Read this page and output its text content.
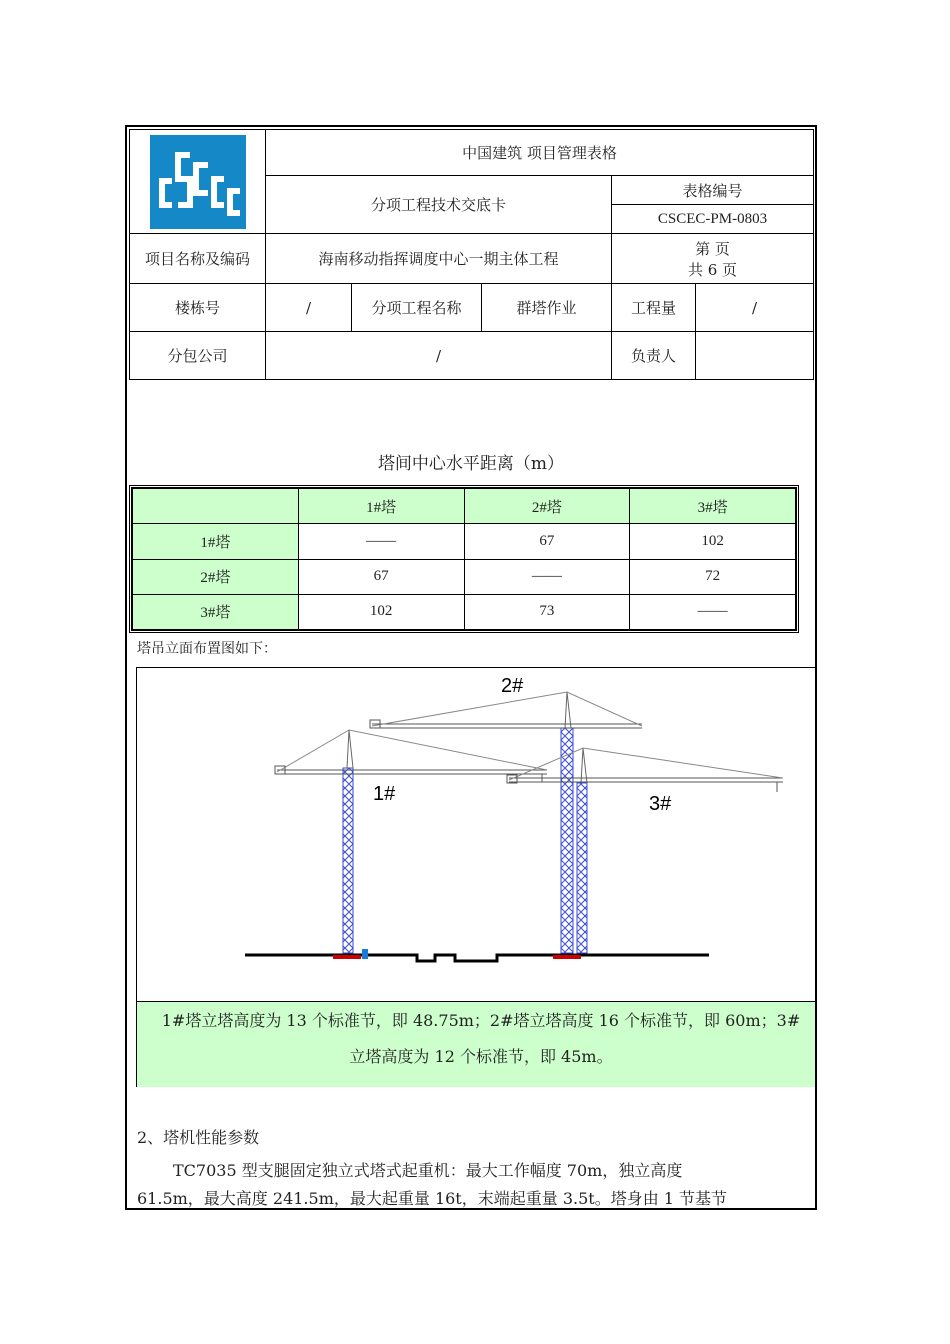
	中国建筑 项目管理表格				
	分项工程技术交底卡			表格编号	
				CSCEC-PM-0803	
项目名称及编码	海南移动指挥调度中心一期主体工程			第 页
共 6 页	

楼栋号	/	分项工程名称	群塔作业	工程量	/
分包公司	/			负责人	
塔间中心水平距离（m）
	1#塔	2#塔	3#塔
1#塔	——	67	102
2#塔	67	——	72
3#塔	102	73	——
塔吊立面布置图如下：
2#
1#	3#

1#塔立塔高度为 13 个标准节，即 48.75m；2#塔立塔高度 16 个标准节，即 60m；3#

立塔高度为 12 个标准节，即 45m。

2、塔机性能参数
TC7035 型支腿固定独立式塔式起重机：最大工作幅度 70m，独立高度
61.5m，最大高度 241.5m，最大起重量 16t，末端起重量 3.5t。塔身由 1 节基节
